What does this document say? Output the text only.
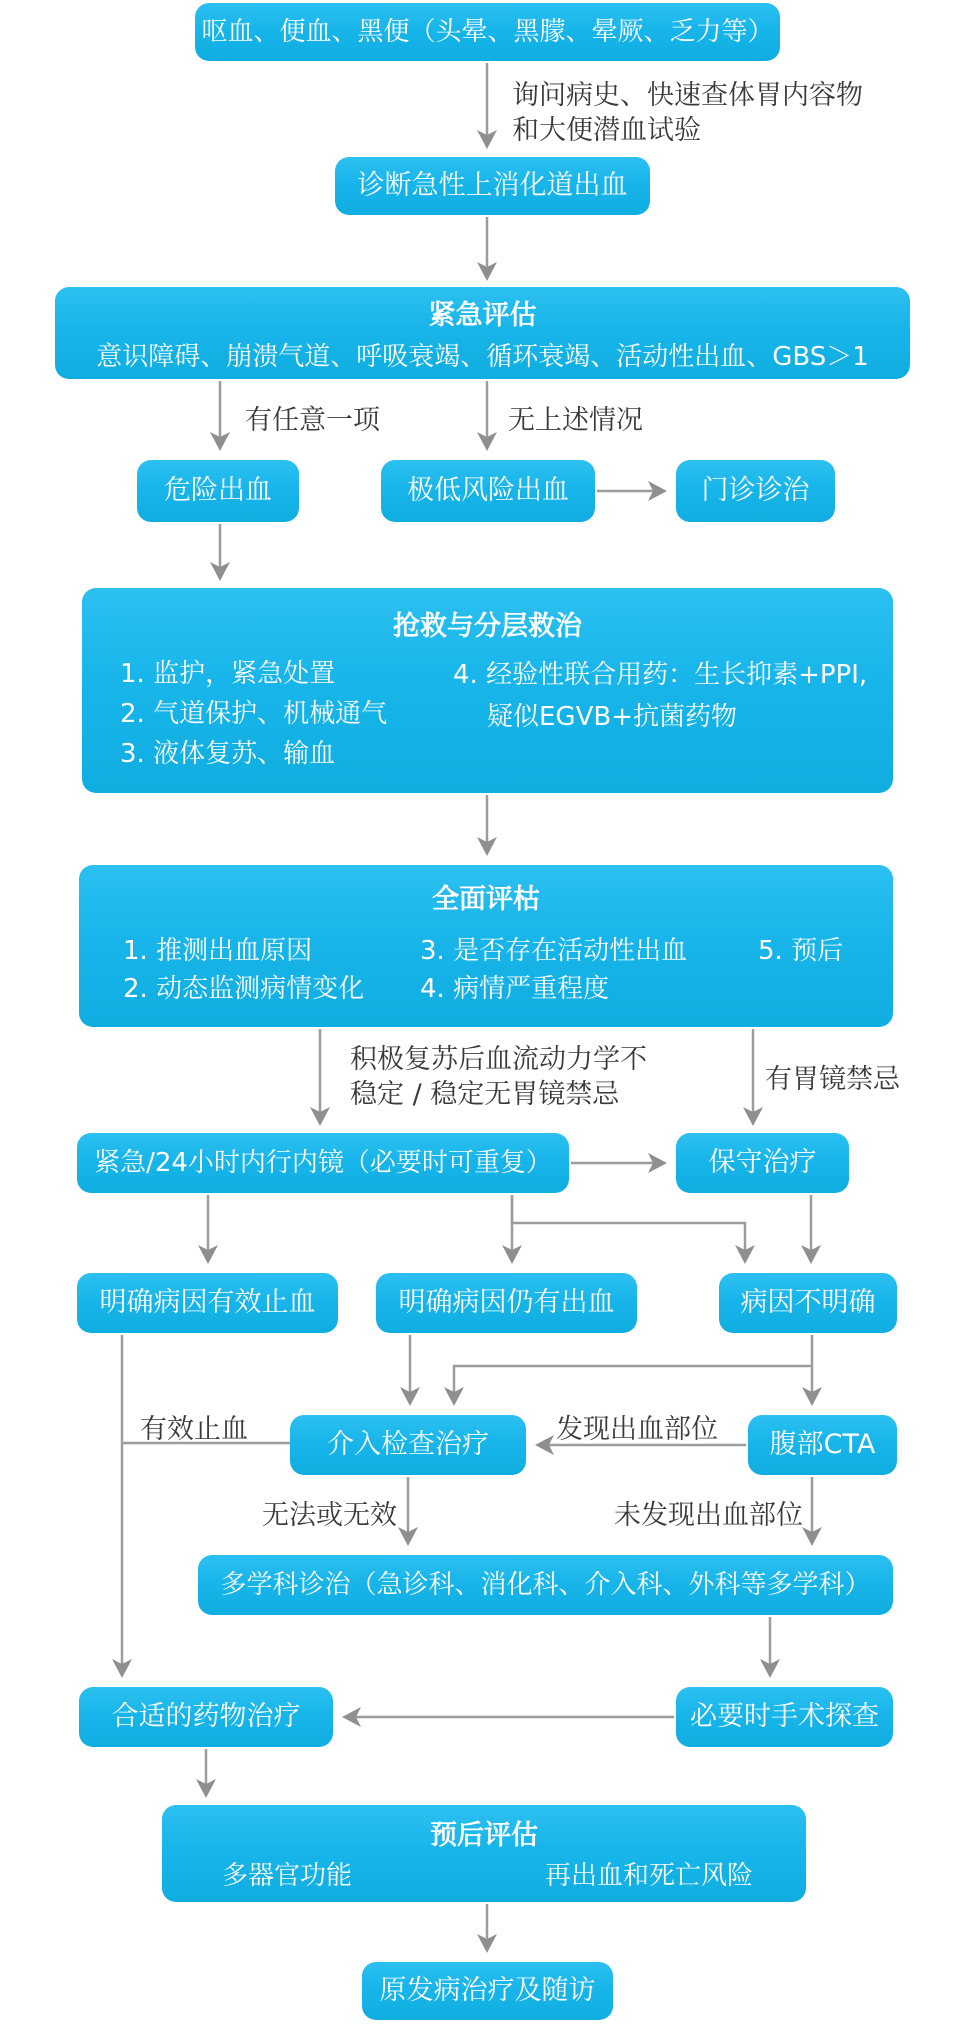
呕血、便血、黑便（头晕、黑朦、晕厥、乏力等）
诊断急性上消化道出血
紧急评估
意识障碍、崩溃气道、呼吸衰竭、循环衰竭、活动性出血、GBS＞1
危险出血	极低风险出血	门诊诊治
抢救与分层救治
1. 监护，紧急处置
2. 气道保护、机械通气
3. 液体复苏、输血
4. 经验性联合用药：生长抑素+PPI,
疑似EGVB+抗菌药物
全面评枯
1. 推测出血原因
2. 动态监测病情变化
3. 是否存在活动性出血
4. 病情严重程度
5. 预后
紧急/24小时内行内镜（必要时可重复）	保守治疗
明确病因有效止血	明确病因仍有出血	病因不明确
介入检查治疗	腹部CTA
多学科诊治（急诊科、消化科、介入科、外科等多学科）
合适的药物治疗	必要时手术探查
预后评估
多器官功能	再出血和死亡风险
原发病治疗及随访
询问病史、快速查体胃内容物
和大便潜血试验
有任意一项	无上述情况
积极复苏后血流动力学不
稳定 / 稳定无胃镜禁忌	有胃镜禁忌
有效止血	发现出血部位
无法或无效	未发现出血部位
